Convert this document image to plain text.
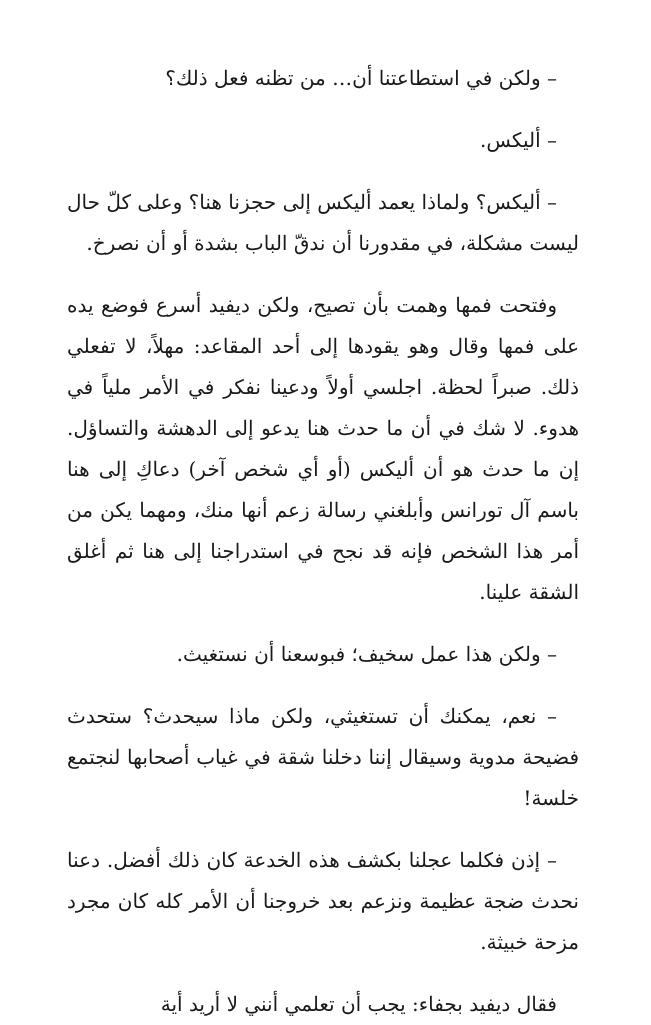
– ولكن في استطاعتنا أن… من تظنه فعل ذلك؟

– أليكس.

– أليكس؟ ولماذا يعمد أليكس إلى حجزنا هنا؟ وعلى كلّ حال ليست مشكلة، في مقدورنا أن ندقّ الباب بشدة أو أن نصرخ.

وفتحت فمها وهمت بأن تصيح، ولكن ديفيد أسرع فوضع يده على فمها وقال وهو يقودها إلى أحد المقاعد: مهلاً، لا تفعلي ذلك. صبراً لحظة. اجلسي أولاً ودعينا نفكر في الأمر ملياً في هدوء. لا شك في أن ما حدث هنا يدعو إلى الدهشة والتساؤل. إن ما حدث هو أن أليكس (أو أي شخص آخر) دعاكِ إلى هنا باسم آل تورانس وأبلغني رسالة زعم أنها منك، ومهما يكن من أمر هذا الشخص فإنه قد نجح في استدراجنا إلى هنا ثم أغلق الشقة علينا.

– ولكن هذا عمل سخيف؛ فبوسعنا أن نستغيث.

– نعم، يمكنك أن تستغيثي، ولكن ماذا سيحدث؟ ستحدث فضيحة مدوية وسيقال إننا دخلنا شقة في غياب أصحابها لنجتمع خلسة!

– إذن فكلما عجلنا بكشف هذه الخدعة كان ذلك أفضل. دعنا نحدث ضجة عظيمة ونزعم بعد خروجنا أن الأمر كله كان مجرد مزحة خبيثة.

فقال ديفيد بجفاء: يجب أن تعلمي أنني لا أريد أية
